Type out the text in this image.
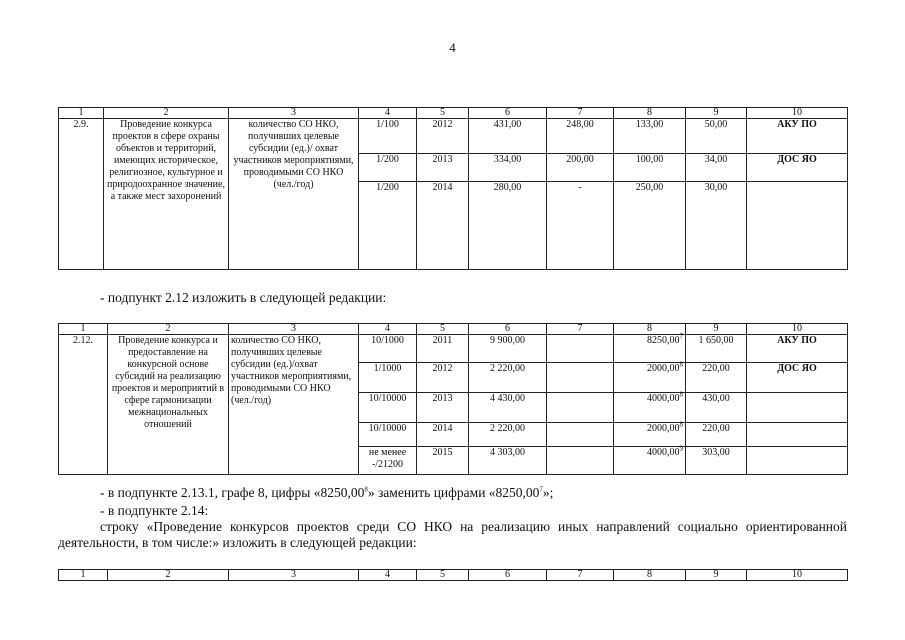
4
1	2	3	4	5	6	7	8	9	10
2.9.	Проведение конкурса проектов в сфере охраны объектов и территорий, имеющих историческое, религиозное, культурное и природоохранное значение, а также мест захоронений	количество СО НКО, получивших целевые субсидии (ед.)/ охват участников мероприятиями, проводимыми СО НКО (чел./год)	1/100	2012	431,00	248,00	133,00	50,00	АКУ ПО
			1/200	2013	334,00	200,00	100,00	34,00	ДОС ЯО
			1/200	2014	280,00	-	250,00	30,00	
- подпункт 2.12 изложить в следующей редакции:
1	2	3	4	5	6	7	8	9	10
2.12.	Проведение конкурса и предоставление на конкурсной основе субсидий на реализацию проектов и мероприятий в сфере гармонизации межнациональных отношений	количество СО НКО, получивших целевые субсидии (ед.)/охват участников мероприятиями, проводимыми СО НКО (чел./год)	10/1000	2011	9 900,00		8250,00$^7$	1 650,00	АКУ ПО
			1/1000	2012	2 220,00		2000,00$^8$	220,00	ДОС ЯО
			10/10000	2013	4 430,00		4000,00$^8$	430,00	
			10/10000	2014	2 220,00		2000,00$^8$	220,00	
			не менее -/21200	2015	4 303,00		4000,00$^9$	303,00	
- в подпункте 2.13.1, графе 8, цифры «8250,00$^8$» заменить цифрами «8250,00$^7$»;
- в подпункте 2.14:
строку «Проведение конкурсов проектов среди СО НКО на реализацию иных направлений социально ориентированной деятельности, в том числе:» изложить в следующей редакции:
1	2	3	4	5	6	7	8	9	10
